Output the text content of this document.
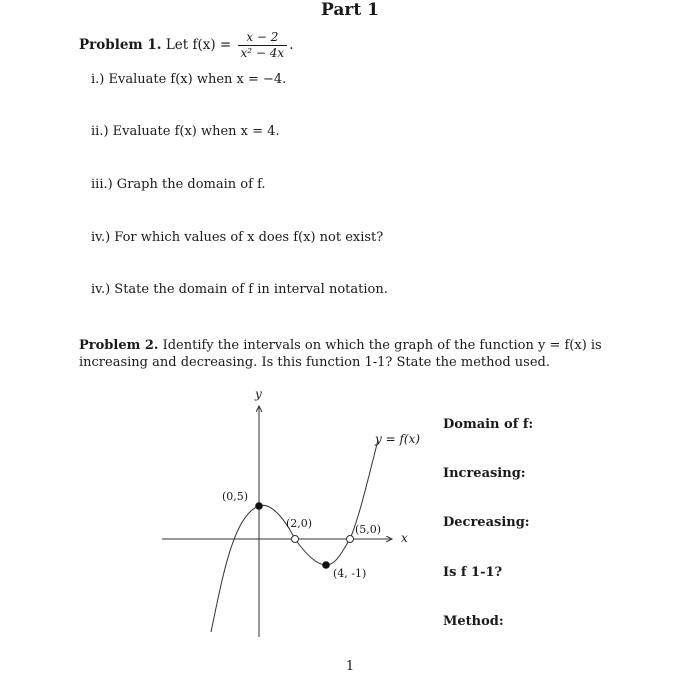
Part 1
Problem 1. Let $f(x) = \frac{x - 2}{\text{x² − 4x}}$ .
i.) Evaluate f(x) when x = −4.
ii.) Evaluate f(x) when x = 4.
iii.) Graph the domain of f.
iv.) For which values of x does f(x) not exist?
iv.) State the domain of f in interval notation.
Problem 2. Identify the intervals on which the graph of the function y = f(x) is increasing and decreasing. Is this function 1-1? State the method used.
y
x
y = f(x)
(0,5)
(2,0)
(4, -1)
(5,0)
Domain of f:
Increasing:
Decreasing:
Is f 1-1?
Method:
1
